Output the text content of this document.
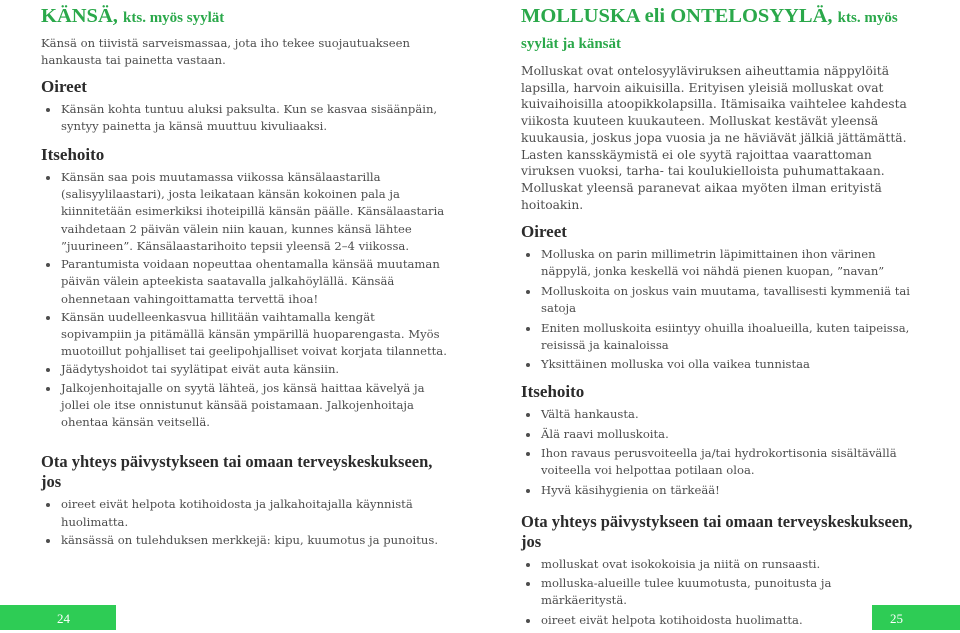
KÄNSÄ, kts. myös syylät

Känsä on tiivistä sarveismassaa, jota iho tekee suojautuakseen hankausta tai painetta vastaan.

Oireet
Känsän kohta tuntuu aluksi paksulta. Kun se kasvaa sisäänpäin, syntyy painetta ja känsä muuttuu kivuliaaksi.
Itsehoito
Känsän saa pois muutamassa viikossa känsälaastarilla (salisyylilaastari), josta leikataan känsän kokoinen pala ja kiinnitetään esimerkiksi ihoteipillä känsän päälle. Känsälaastaria vaihdetaan 2 päivän välein niin kauan, kunnes känsä lähtee ”juurineen”. Känsälaastarihoito tepsii yleensä 2–4 viikossa.
Parantumista voidaan nopeuttaa ohentamalla känsää muutaman päivän välein apteekista saatavalla jalkahöylällä. Känsää ohennetaan vahingoittamatta tervettä ihoa!
Känsän uudelleenkasvua hillitään vaihtamalla kengät sopivampiin ja pitämällä känsän ympärillä huoparengasta. Myös muotoillut pohjalliset tai geelipohjalliset voivat korjata tilannetta.
Jäädytyshoidot tai syylätipat eivät auta känsiin.
Jalkojenhoitajalle on syytä lähteä, jos känsä haittaa kävelyä ja jollei ole itse onnistunut känsää poistamaan. Jalkojenhoitaja ohentaa känsän veitsellä.
Ota yhteys päivystykseen tai omaan terveyskeskukseen, jos
oireet eivät helpota kotihoidosta ja jalkahoitajalla käynnistä huolimatta.
känsässä on tulehduksen merkkejä: kipu, kuumotus ja punoitus.
MOLLUSKA eli ONTELOSYYLÄ, kts. myös syylät ja känsät

Molluskat ovat ontelosyyläviruksen aiheuttamia näppylöitä lapsilla, harvoin aikuisilla. Erityisen yleisiä molluskat ovat kuivaihoisilla atoopikkolapsilla. Itämisaika vaihtelee kahdesta viikosta kuuteen kuukauteen. Molluskat kestävät yleensä kuukausia, joskus jopa vuosia ja ne häviävät jälkiä jättämättä. Lasten kansskäymistä ei ole syytä rajoittaa vaarattoman viruksen vuoksi, tarha- tai koulukielloista puhumattakaan. Molluskat yleensä paranevat aikaa myöten ilman erityistä hoitoakin.

Oireet
Molluska on parin millimetrin läpimittainen ihon värinen näppylä, jonka keskellä voi nähdä pienen kuopan, ”navan”
Molluskoita on joskus vain muutama, tavallisesti kymmeniä tai satoja
Eniten molluskoita esiintyy ohuilla ihoalueilla, kuten taipeissa, reisissä ja kainaloissa
Yksittäinen molluska voi olla vaikea tunnistaa
Itsehoito
Vältä hankausta.
Älä raavi molluskoita.
Ihon ravaus perusvoiteella ja/tai hydrokortisonia sisältävällä voiteella voi helpottaa potilaan oloa.
Hyvä käsihygienia on tärkeää!
Ota yhteys päivystykseen tai omaan terveyskeskukseen, jos
molluskat ovat isokokoisia ja niitä on runsaasti.
molluska-alueille tulee kuumotusta, punoitusta ja märkäeritystä.
oireet eivät helpota kotihoidosta huolimatta.
24	25
